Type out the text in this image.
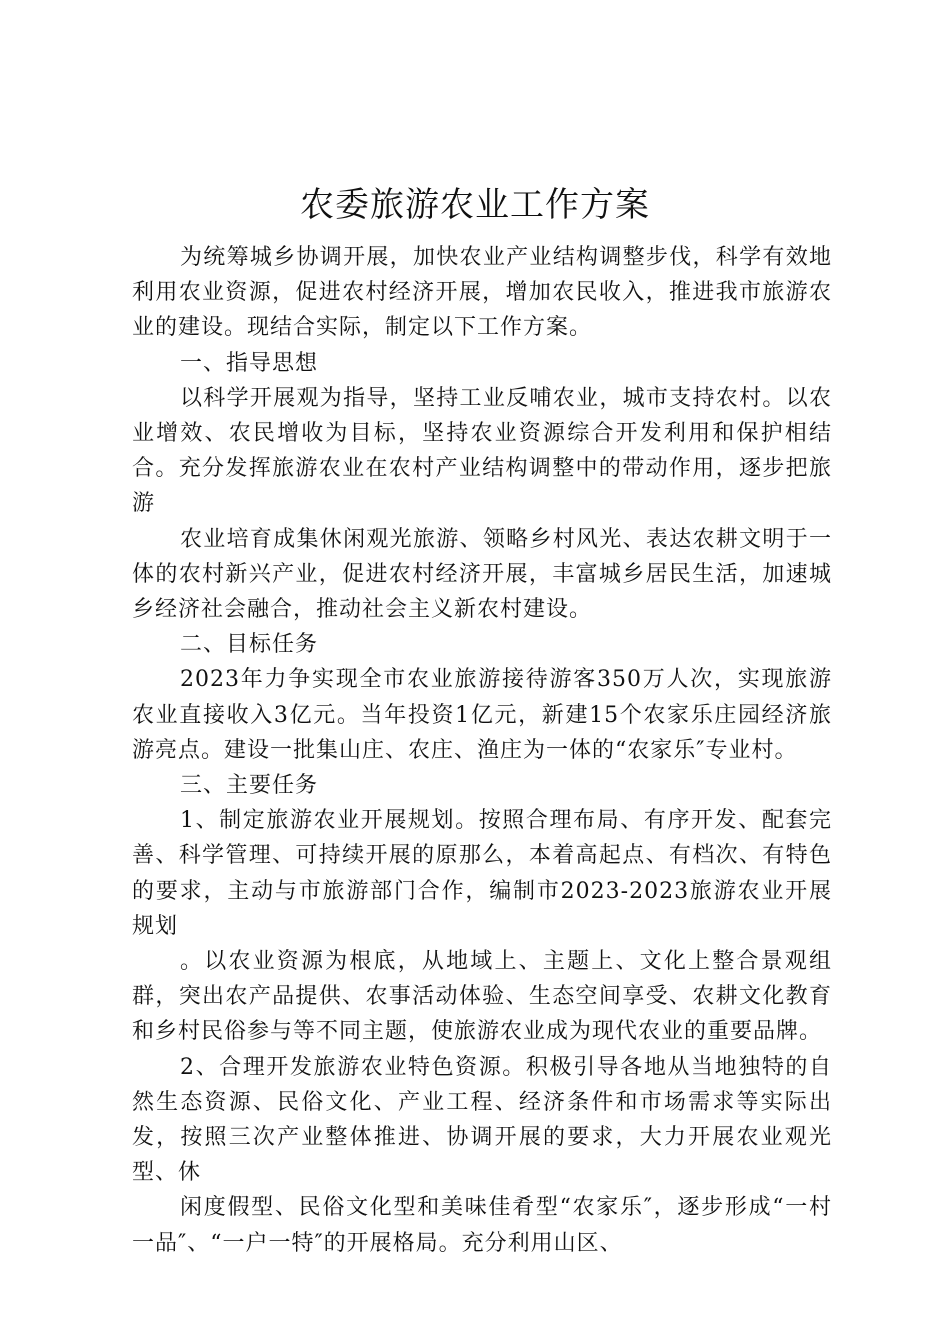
农委旅游农业工作方案

为统筹城乡协调开展，加快农业产业结构调整步伐，科学有效地利用农业资源，促进农村经济开展，增加农民收入，推进我市旅游农业的建设。现结合实际，制定以下工作方案。

一、指导思想

以科学开展观为指导，坚持工业反哺农业，城市支持农村。以农业增效、农民增收为目标，坚持农业资源综合开发利用和保护相结合。充分发挥旅游农业在农村产业结构调整中的带动作用，逐步把旅游

农业培育成集休闲观光旅游、领略乡村风光、表达农耕文明于一体的农村新兴产业，促进农村经济开展，丰富城乡居民生活，加速城乡经济社会融合，推动社会主义新农村建设。

二、目标任务

2023年力争实现全市农业旅游接待游客350万人次，实现旅游农业直接收入3亿元。当年投资1亿元，新建15个农家乐庄园经济旅游亮点。建设一批集山庄、农庄、渔庄为一体的“农家乐″专业村。

三、主要任务

1、制定旅游农业开展规划。按照合理布局、有序开发、配套完善、科学管理、可持续开展的原那么，本着高起点、有档次、有特色的要求，主动与市旅游部门合作，编制市2023-2023旅游农业开展规划

。以农业资源为根底，从地域上、主题上、文化上整合景观组群，突出农产品提供、农事活动体验、生态空间享受、农耕文化教育和乡村民俗参与等不同主题，使旅游农业成为现代农业的重要品牌。

2、合理开发旅游农业特色资源。积极引导各地从当地独特的自然生态资源、民俗文化、产业工程、经济条件和市场需求等实际出发，按照三次产业整体推进、协调开展的要求，大力开展农业观光型、休

闲度假型、民俗文化型和美味佳肴型“农家乐″，逐步形成“一村一品″、“一户一特″的开展格局。充分利用山区、
